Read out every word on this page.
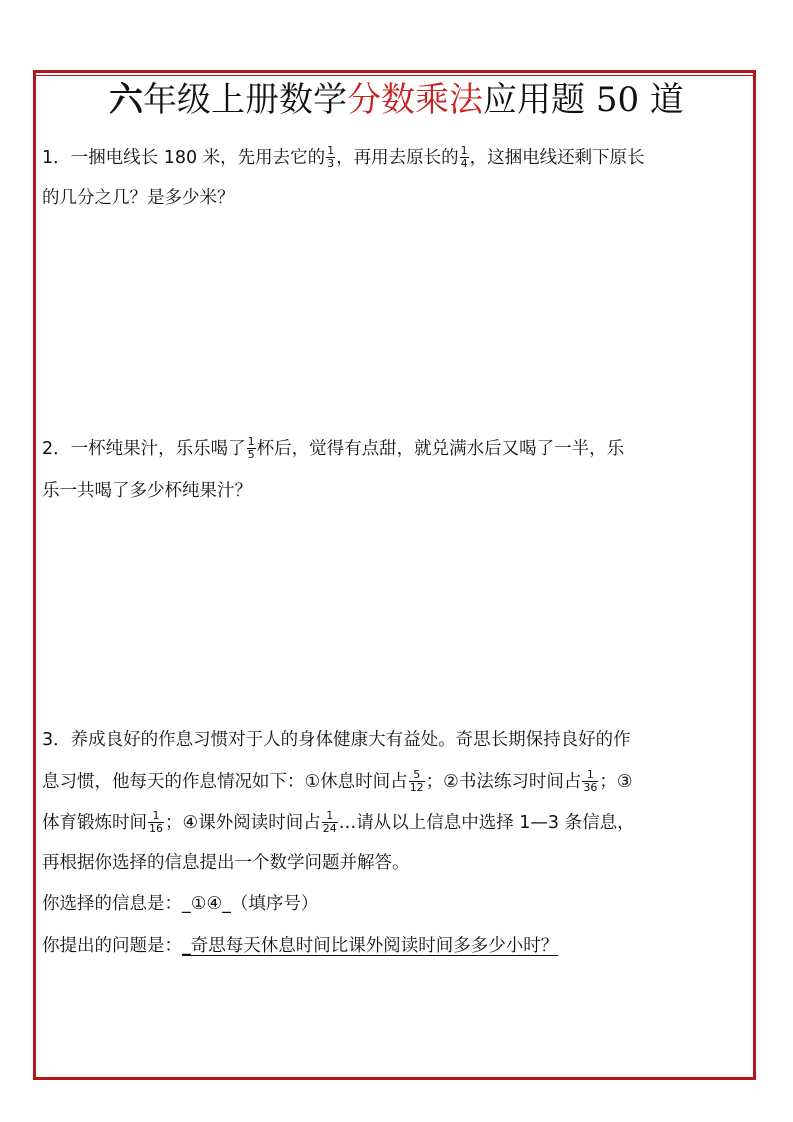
六年级上册数学分数乘法应用题 50 道
1．一捆电线长 180 米，先用去它的 $\frac{1}{3}$ ，再用去原长的 $\frac{1}{4}$ ，这捆电线还剩下原长
的几分之几？是多少米？
2．一杯纯果汁，乐乐喝了 $\frac{1}{5}$ 杯后，觉得有点甜，就兑满水后又喝了一半，乐
乐一共喝了多少杯纯果汁？
3．养成良好的作息习惯对于人的身体健康大有益处。奇思长期保持良好的作
息习惯，他每天的作息情况如下：①休息时间占 $\frac{5}{12}$ ；②书法练习时间占 $\frac{1}{36}$ ；③
体育锻炼时间 $\frac{1}{16}$ ；④课外阅读时间占 $\frac{1}{24}$ …请从以上信息中选择 1—3 条信息，
再根据你选择的信息提出一个数学问题并解答。
你选择的信息是：_①④_（填序号）
你提出的问题是：_奇思每天休息时间比课外阅读时间多多少小时？
